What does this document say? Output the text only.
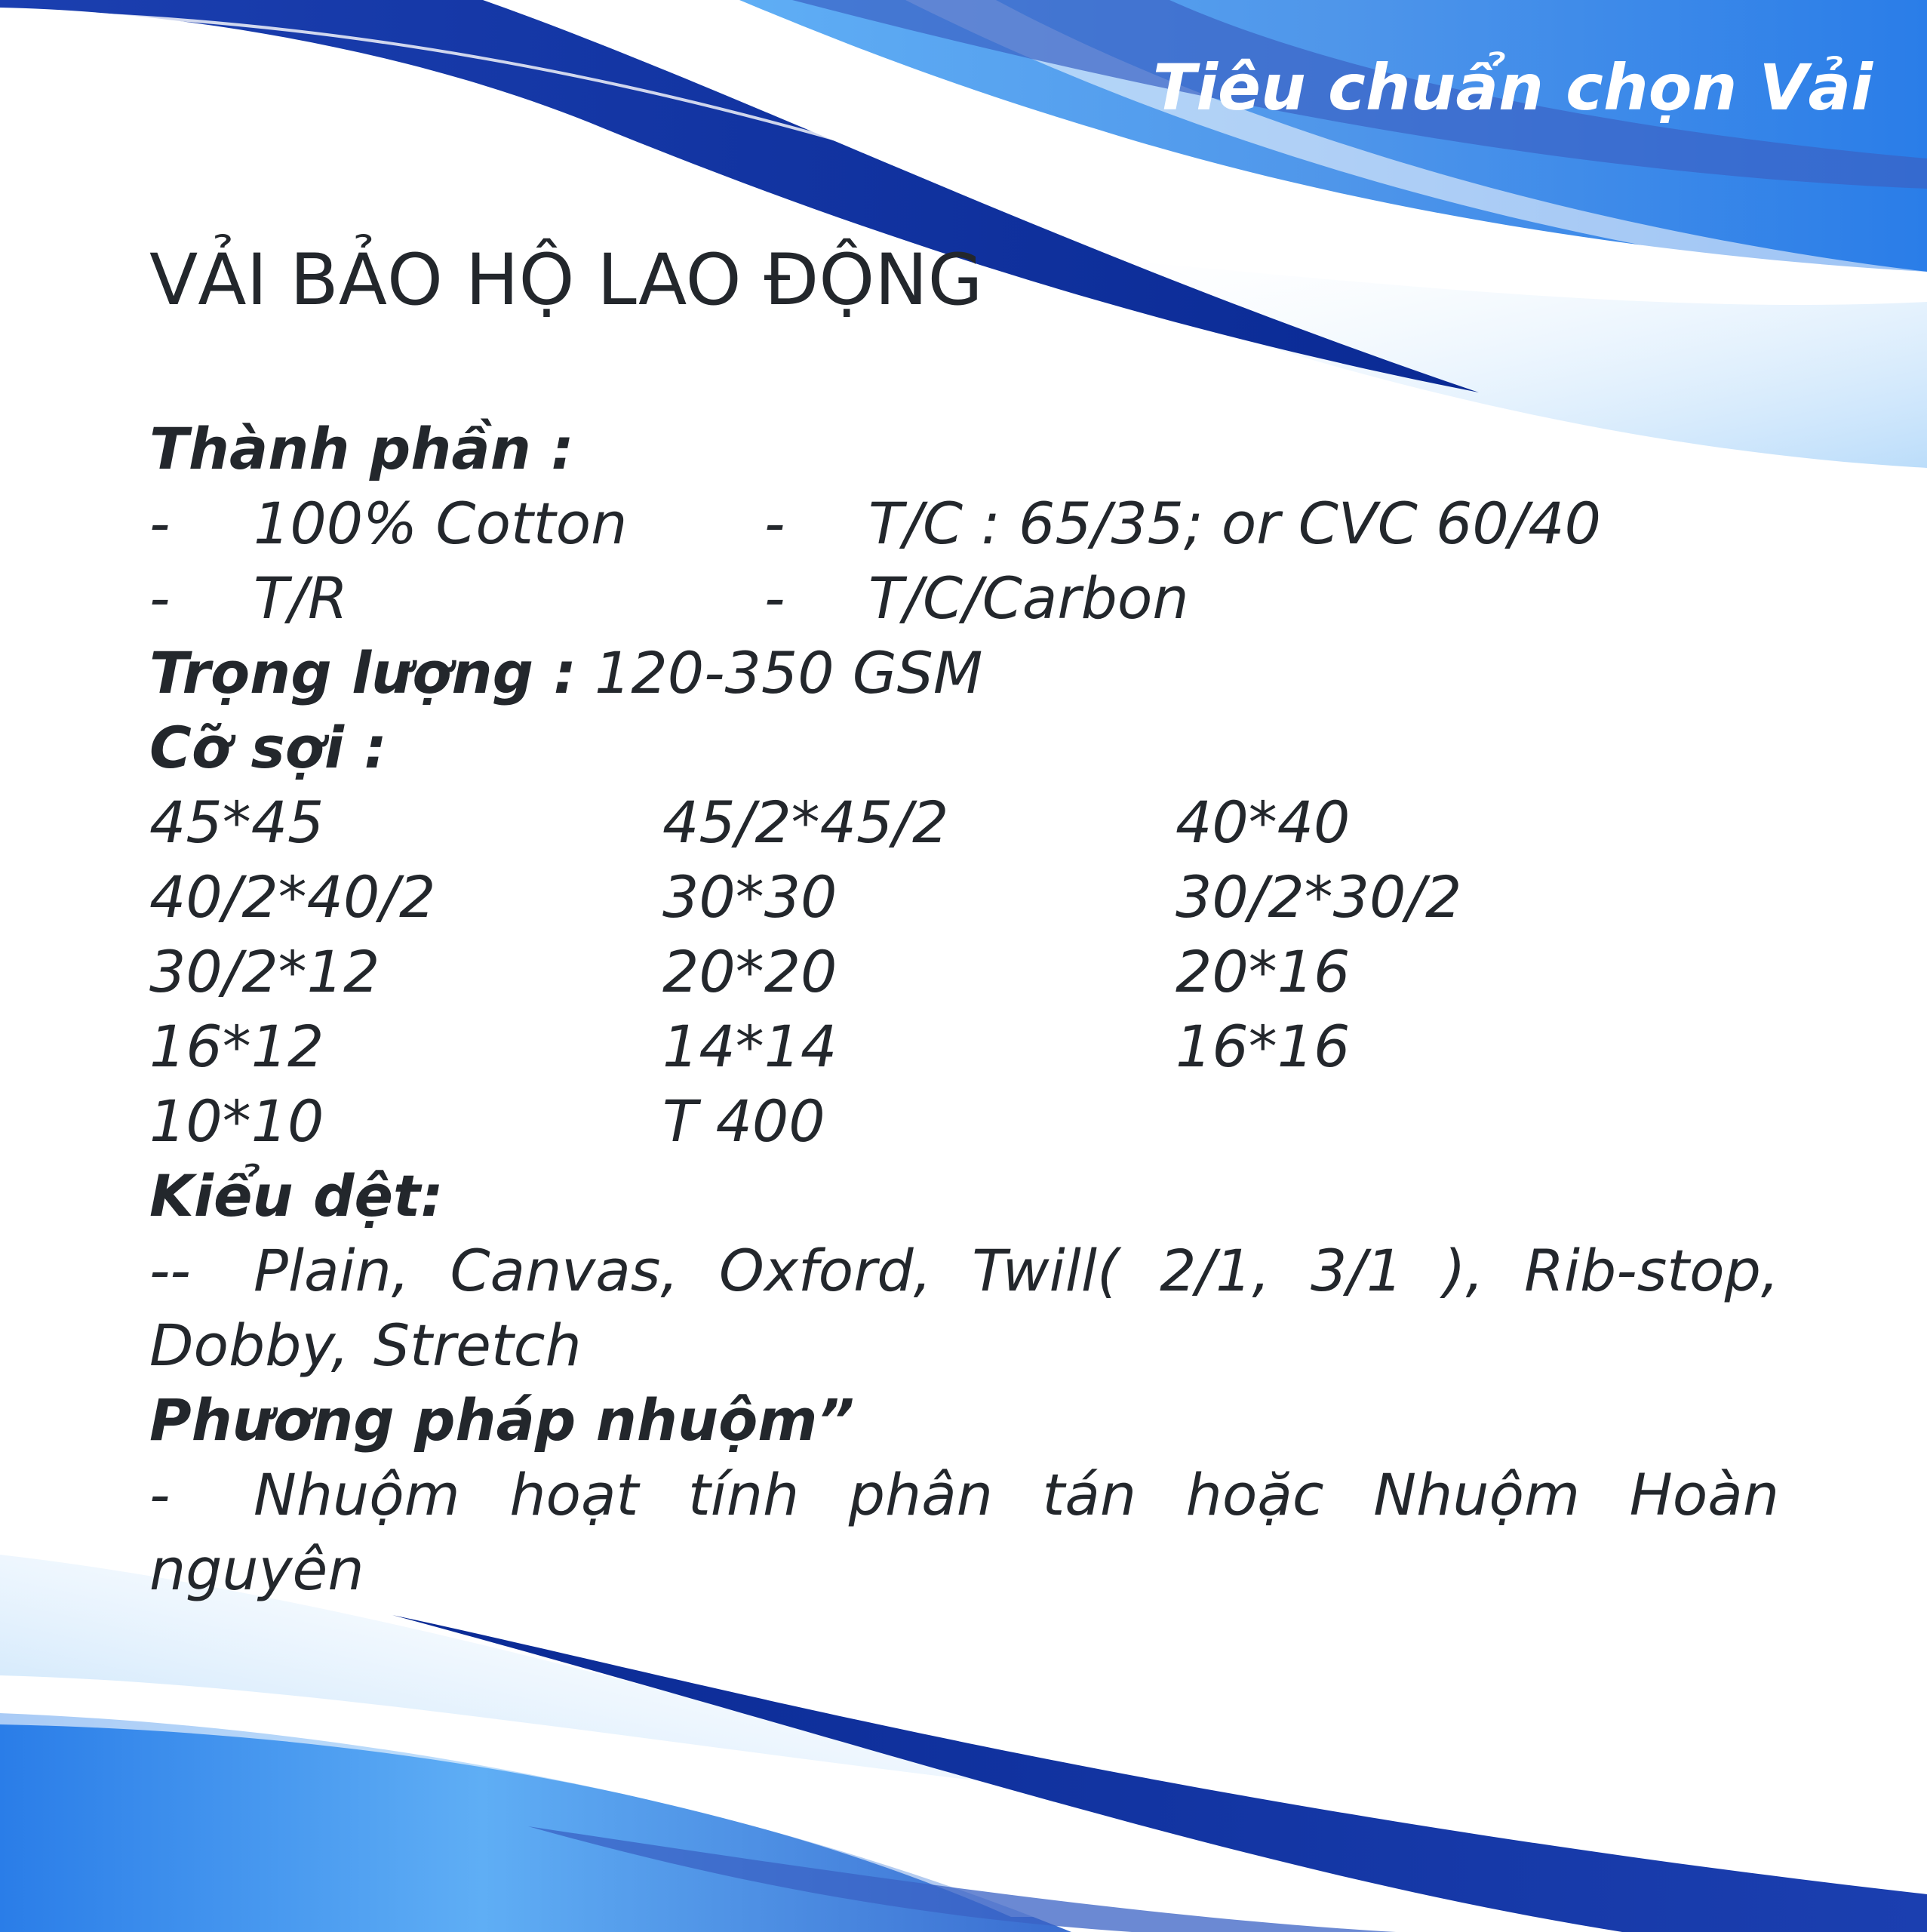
Tiêu chuẩn chọn Vải
VẢI BẢO HỘ LAO ĐỘNG
Thành phần :
- 100% Cotton	- T/C : 65/35; or CVC 60/40
- T/R	- T/C/Carbon
Trọng lượng : 120-350 GSM
Cỡ sợi :
45*45	45/2*45/2	40*40
40/2*40/2	30*30	30/2*30/2
30/2*12	20*20	20*16
16*12	14*14	16*16
10*10	T 400
Kiểu dệt:
-- Plain, Canvas, Oxford, Twill( 2/1, 3/1 ), Rib-stop, Dobby, Stretch
Phương pháp nhuộm”
- Nhuộm hoạt tính phân tán hoặc Nhuộm Hoàn nguyên
